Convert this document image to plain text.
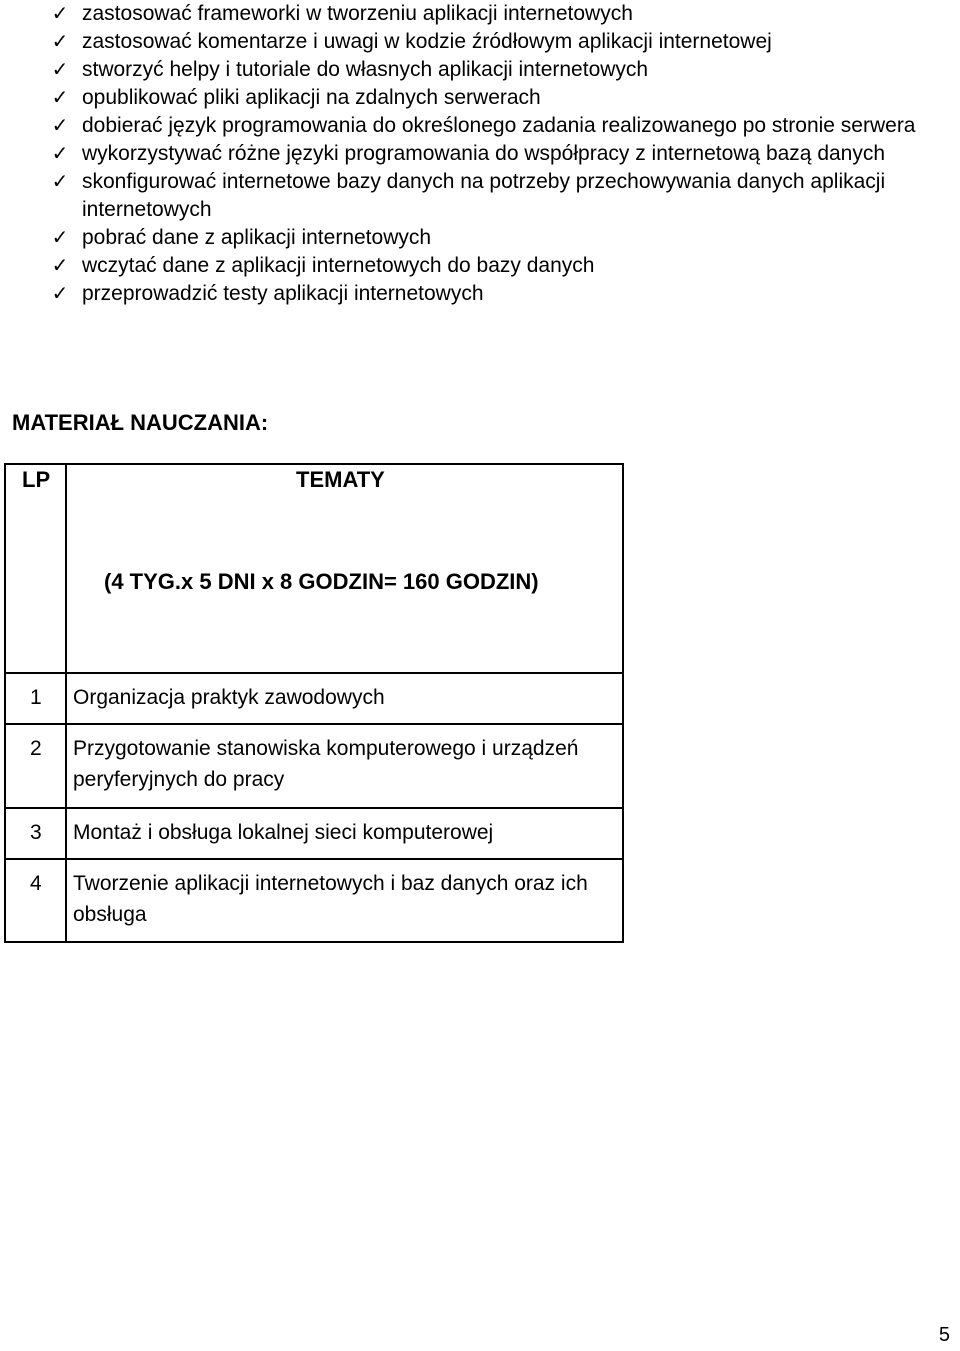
✓ zastosować frameworki w tworzeniu aplikacji internetowych
✓ zastosować komentarze i uwagi w kodzie źródłowym aplikacji internetowej
✓ stworzyć helpy i tutoriale do własnych aplikacji internetowych
✓ opublikować pliki aplikacji na zdalnych serwerach
✓ dobierać język programowania do określonego zadania realizowanego po stronie serwera
✓ wykorzystywać różne języki programowania do współpracy z internetową bazą danych
✓ skonfigurować internetowe bazy danych na potrzeby przechowywania danych aplikacji internetowych
✓ pobrać dane z aplikacji internetowych
✓ wczytać dane z aplikacji internetowych do bazy danych
✓ przeprowadzić testy aplikacji internetowych
MATERIAŁ NAUCZANIA:
LP	TEMATY
(4 TYG.x 5 DNI x 8 GODZIN= 160 GODZIN)

1	Organizacja praktyk zawodowych
2	Przygotowanie stanowiska komputerowego i urządzeń peryferyjnych do pracy
3	Montaż i obsługa lokalnej sieci komputerowej
4	Tworzenie aplikacji internetowych i baz danych oraz ich obsługa
5
